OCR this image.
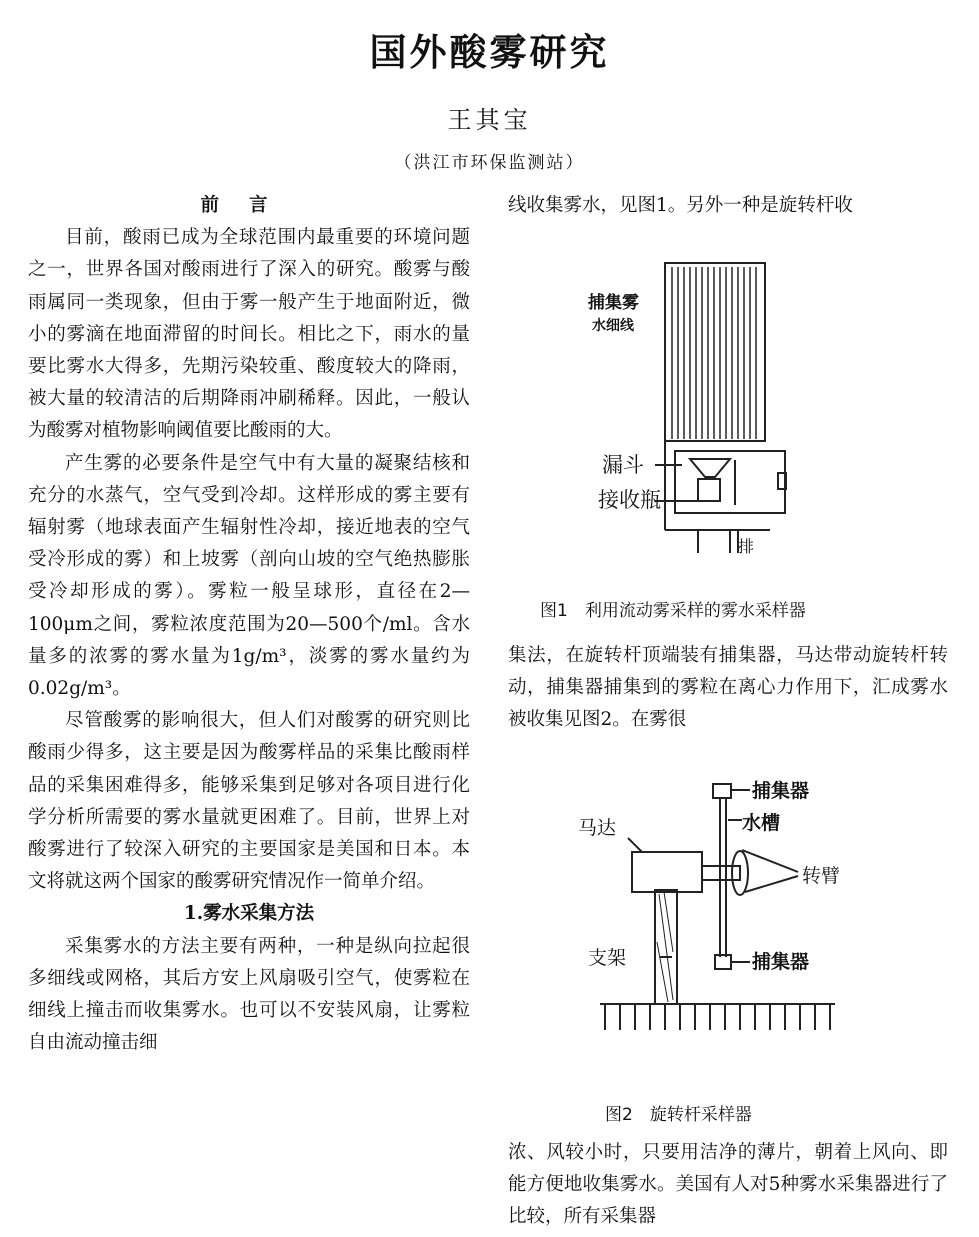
国外酸雾研究
王其宝
（洪江市环保监测站）

前言

目前，酸雨已成为全球范围内最重要的环境问题之一，世界各国对酸雨进行了深入的研究。酸雾与酸雨属同一类现象，但由于雾一般产生于地面附近，微小的雾滴在地面滞留的时间长。相比之下，雨水的量要比雾水大得多，先期污染较重、酸度较大的降雨，被大量的较清洁的后期降雨冲刷稀释。因此，一般认为酸雾对植物影响阈值要比酸雨的大。

产生雾的必要条件是空气中有大量的凝聚结核和充分的水蒸气，空气受到冷却。这样形成的雾主要有辐射雾（地球表面产生辐射性冷却，接近地表的空气受冷形成的雾）和上坡雾（剖向山坡的空气绝热膨胀受冷却形成的雾）。雾粒一般呈球形，直径在2—100μm之间，雾粒浓度范围为20—500个/ml。含水量多的浓雾的雾水量为1g/m³，淡雾的雾水量约为0.02g/m³。

尽管酸雾的影响很大，但人们对酸雾的研究则比酸雨少得多，这主要是因为酸雾样品的采集比酸雨样品的采集困难得多，能够采集到足够对各项目进行化学分析所需要的雾水量就更困难了。目前，世界上对酸雾进行了较深入研究的主要国家是美国和日本。本文将就这两个国家的酸雾研究情况作一简单介绍。

1.雾水采集方法

采集雾水的方法主要有两种，一种是纵向拉起很多细线或网格，其后方安上风扇吸引空气，使雾粒在细线上撞击而收集雾水。也可以不安装风扇，让雾粒自由流动撞击细

线收集雾水，见图1。另外一种是旋转杆收

捕集雾
水细线
漏斗
接收瓶
排
图1　利用流动雾采样的雾水采样器

集法，在旋转杆顶端装有捕集器，马达带动旋转杆转动，捕集器捕集到的雾粒在离心力作用下，汇成雾水被收集见图2。在雾很

捕集器
水槽
马达
转臂
支架	捕集器
图2　旋转杆采样器

浓、风较小时，只要用洁净的薄片，朝着上风向、即能方便地收集雾水。美国有人对5种雾水采集器进行了比较，所有采集器
